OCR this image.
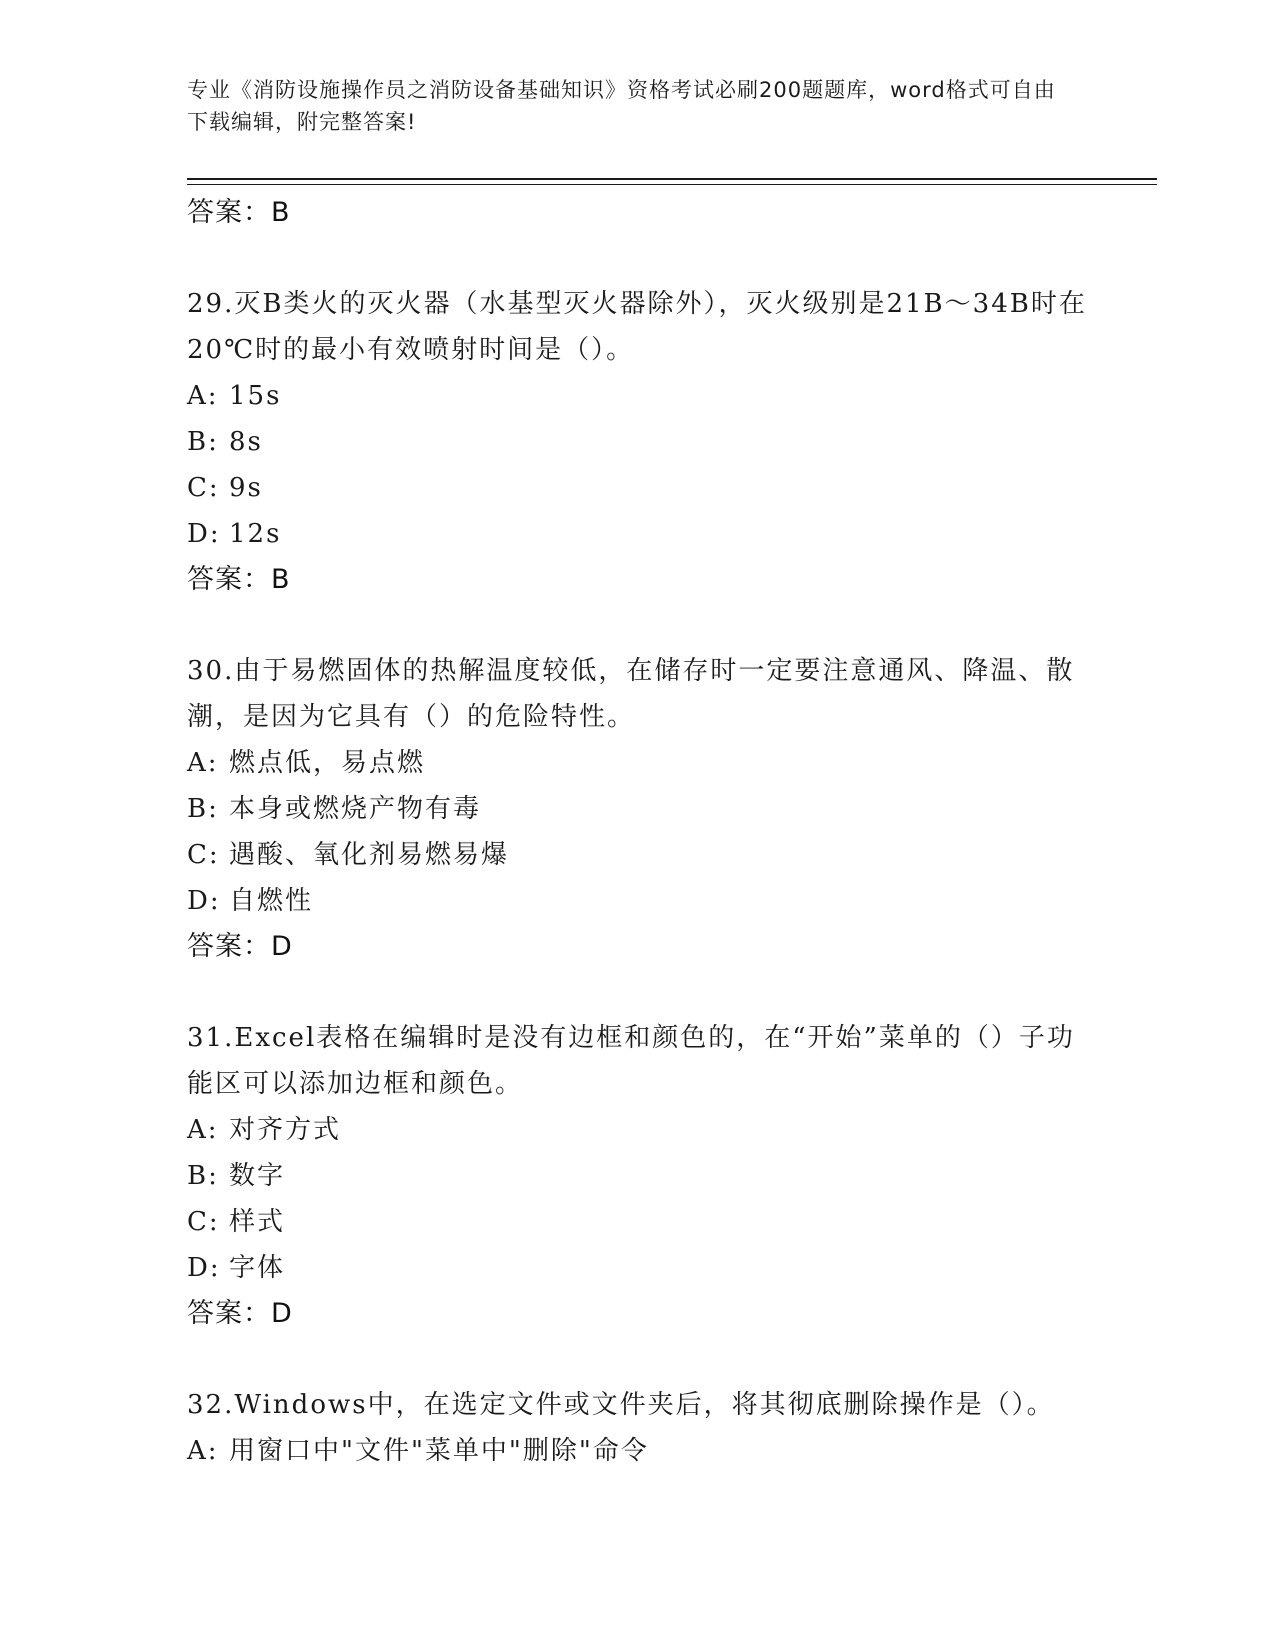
专业《消防设施操作员之消防设备基础知识》资格考试必刷200题题库，word格式可自由下载编辑，附完整答案!
答案：B
29.灭B类火的灭火器（水基型灭火器除外），灭火级别是21B～34B时在20℃时的最小有效喷射时间是（）。
A: 15s
B: 8s
C: 9s
D: 12s
答案：B
30.由于易燃固体的热解温度较低，在储存时一定要注意通风、降温、散潮，是因为它具有（）的危险特性。
A: 燃点低，易点燃
B: 本身或燃烧产物有毒
C: 遇酸、氧化剂易燃易爆
D: 自燃性
答案：D
31.Excel表格在编辑时是没有边框和颜色的，在“开始”菜单的（）子功能区可以添加边框和颜色。
A: 对齐方式
B: 数字
C: 样式
D: 字体
答案：D
32.Windows中，在选定文件或文件夹后，将其彻底删除操作是（）。
A: 用窗口中"文件"菜单中"删除"命令
